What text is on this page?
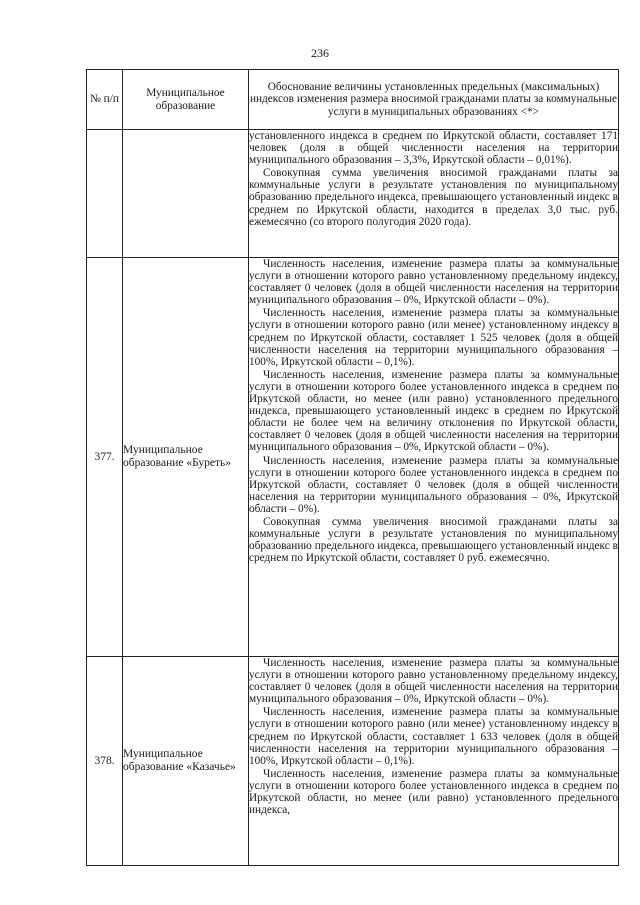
236
№ п/п	Муниципальное образование	Обоснование величины установленных предельных (максимальных) индексов изменения размера вносимой гражданами платы за коммунальные услуги в муниципальных образованиях <*>

		установленного индекса в среднем по Иркутской области, составляет 171 человек (доля в общей численности населения на территории муниципального образования – 3,3%, Иркутской области – 0,01%).

Совокупная сумма увеличения вносимой гражданами платы за коммунальные услуги в результате установления по муниципальному образованию предельного индекса, превышающего установленный индекс в среднем по Иркутской области, находится в пределах 3,0 тыс. руб. ежемесячно (со второго полугодия 2020 года).

377.	Муниципальное образование «Буреть»	Численность населения, изменение размера платы за коммунальные услуги в отношении которого равно установленному предельному индексу, составляет 0 человек (доля в общей численности населения на территории муниципального образования – 0%, Иркутской области – 0%).

Численность населения, изменение размера платы за коммунальные услуги в отношении которого равно (или менее) установленному индексу в среднем по Иркутской области, составляет 1 525 человек (доля в общей численности населения на территории муниципального образования – 100%, Иркутской области – 0,1%).

Численность населения, изменение размера платы за коммунальные услуги в отношении которого более установленного индекса в среднем по Иркутской области, но менее (или равно) установленного предельного индекса, превышающего установленный индекс в среднем по Иркутской области не более чем на величину отклонения по Иркутской области, составляет 0 человек (доля в общей численности населения на территории муниципального образования – 0%, Иркутской области – 0%).

Численность населения, изменение размера платы за коммунальные услуги в отношении которого более установленного индекса в среднем по Иркутской области, составляет 0 человек (доля в общей численности населения на территории муниципального образования – 0%, Иркутской области – 0%).

Совокупная сумма увеличения вносимой гражданами платы за коммунальные услуги в результате установления по муниципальному образованию предельного индекса, превышающего установленный индекс в среднем по Иркутской области, составляет 0 руб. ежемесячно.

378.	Муниципальное образование «Казачье»	Численность населения, изменение размера платы за коммунальные услуги в отношении которого равно установленному предельному индексу, составляет 0 человек (доля в общей численности населения на территории муниципального образования – 0%, Иркутской области – 0%).

Численность населения, изменение размера платы за коммунальные услуги в отношении которого равно (или менее) установленному индексу в среднем по Иркутской области, составляет 1 633 человек (доля в общей численности населения на территории муниципального образования – 100%, Иркутской области – 0,1%).

Численность населения, изменение размера платы за коммунальные услуги в отношении которого более установленного индекса в среднем по Иркутской области, но менее (или равно) установленного предельного индекса,
